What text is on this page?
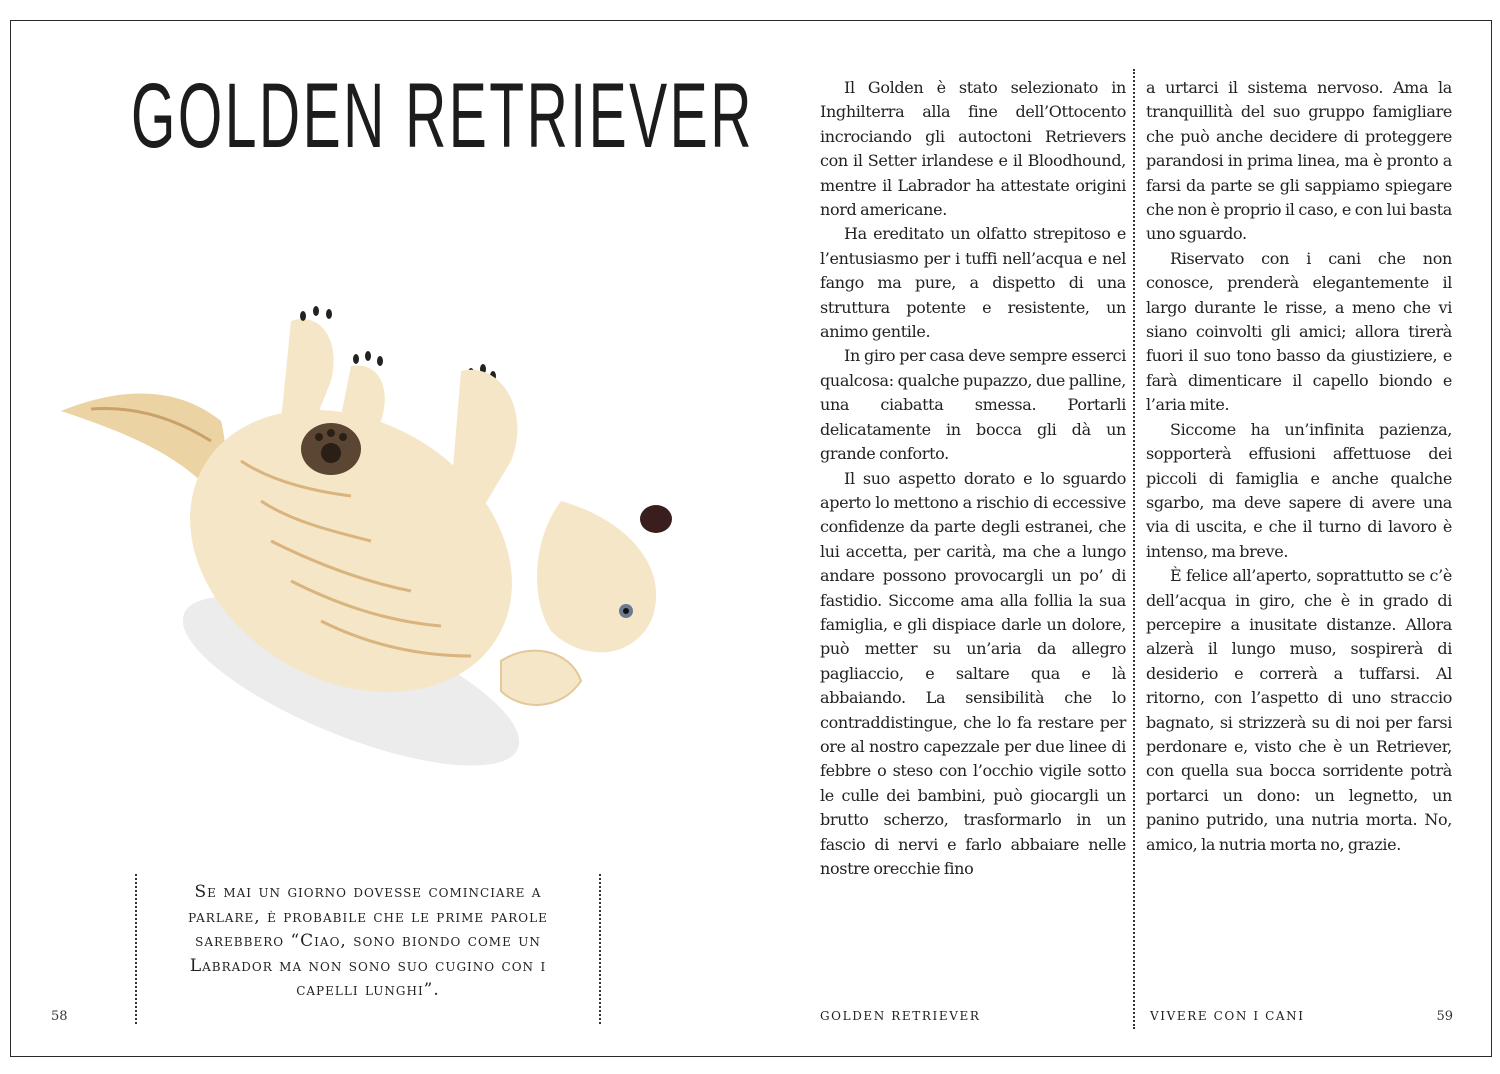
GOLDEN RETRIEVER
Se mai un giorno dovesse cominciare a parlare, è probabile che le prime parole sarebbero “Ciao, sono biondo come un Labrador ma non sono suo cugino con i capelli lunghi”.
58

Il Golden è stato selezionato in Inghilterra alla fine dell’Ottocento incrociando gli autoctoni Retrievers con il Setter irlandese e il Bloodhound, mentre il Labrador ha attestate origini nord americane.

Ha ereditato un olfatto strepitoso e l’entusiasmo per i tuffi nell’acqua e nel fango ma pure, a dispetto di una struttura potente e resistente, un animo gentile.

In giro per casa deve sempre esserci qualcosa: qualche pupazzo, due palline, una ciabatta smessa. Portarli delicatamente in bocca gli dà un grande conforto.

Il suo aspetto dorato e lo sguardo aperto lo mettono a rischio di eccessive confidenze da parte degli estranei, che lui accetta, per carità, ma che a lungo andare possono provocargli un po’ di fastidio. Siccome ama alla follia la sua famiglia, e gli dispiace darle un dolore, può metter su un’aria da allegro pagliaccio, e saltare qua e là abbaiando. La sensibilità che lo contraddistingue, che lo fa restare per ore al nostro capezzale per due linee di febbre o steso con l’occhio vigile sotto le culle dei bambini, può giocargli un brutto scherzo, trasformarlo in un fascio di nervi e farlo abbaiare nelle nostre orecchie fino

a urtarci il sistema nervoso. Ama la tranquillità del suo gruppo famigliare che può anche decidere di proteggere parandosi in prima linea, ma è pronto a farsi da parte se gli sappiamo spiegare che non è proprio il caso, e con lui basta uno sguardo.

Riservato con i cani che non conosce, prenderà elegantemente il largo durante le risse, a meno che vi siano coinvolti gli amici; allora tirerà fuori il suo tono basso da giustiziere, e farà dimenticare il capello biondo e l’aria mite.

Siccome ha un’infinita pazienza, sopporterà effusioni affettuose dei piccoli di famiglia e anche qualche sgarbo, ma deve sapere di avere una via di uscita, e che il turno di lavoro è intenso, ma breve.

È felice all’aperto, soprattutto se c’è dell’acqua in giro, che è in grado di percepire a inusitate distanze. Allora alzerà il lungo muso, sospirerà di desiderio e correrà a tuffarsi. Al ritorno, con l’aspetto di uno straccio bagnato, si strizzerà su di noi per farsi perdonare e, visto che è un Retriever, con quella sua bocca sorridente potrà portarci un dono: un legnetto, un panino putrido, una nutria morta. No, amico, la nutria morta no, grazie.

GOLDEN RETRIEVER	VIVERE CON I CANI	59
